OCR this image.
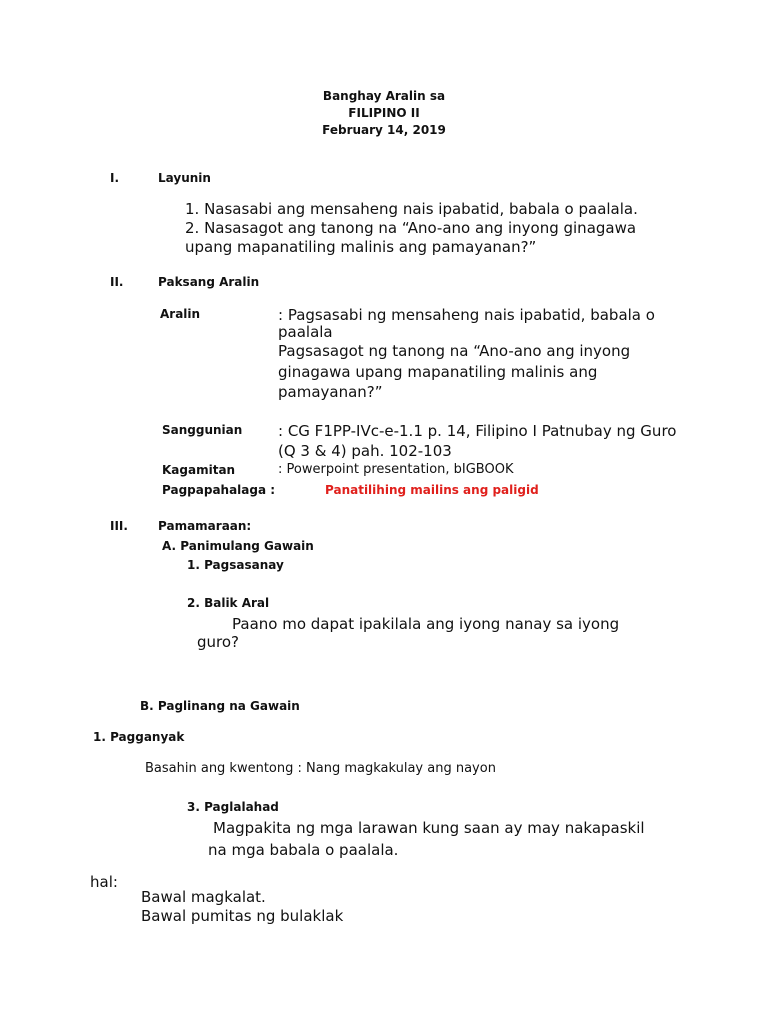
Banghay Aralin sa
FILIPINO II
February 14, 2019
I.	Layunin
1. Nasasabi ang mensaheng nais ipabatid, babala o paalala.
2. Nasasagot ang tanong na “Ano-ano ang inyong ginagawa
upang mapanatiling malinis ang pamayanan?”
II.	Paksang Aralin
Aralin	: Pagsasabi ng mensaheng nais ipabatid, babala o
paalala
Pagsasagot ng tanong na “Ano-ano ang inyong
ginagawa upang mapanatiling malinis ang
pamayanan?”
Sanggunian : CG F1PP-IVc-e-1.1 p. 14, Filipino I Patnubay ng Guro
(Q 3 & 4) pah. 102-103
Kagamitan	: Powerpoint presentation, bIGBOOK
Pagpapahalaga :	Panatilihing mailins ang paligid
III.	Pamamaraan:
A. Panimulang Gawain
1. Pagsasanay
2. Balik Aral
Paano mo dapat ipakilala ang iyong nanay sa iyong
guro?
B. Paglinang na Gawain
1. Pagganyak
Basahin ang kwentong : Nang magkakulay ang nayon
3. Paglalahad
Magpakita ng mga larawan kung saan ay may nakapaskil
na mga babala o paalala.
hal:
Bawal magkalat.
Bawal pumitas ng bulaklak
